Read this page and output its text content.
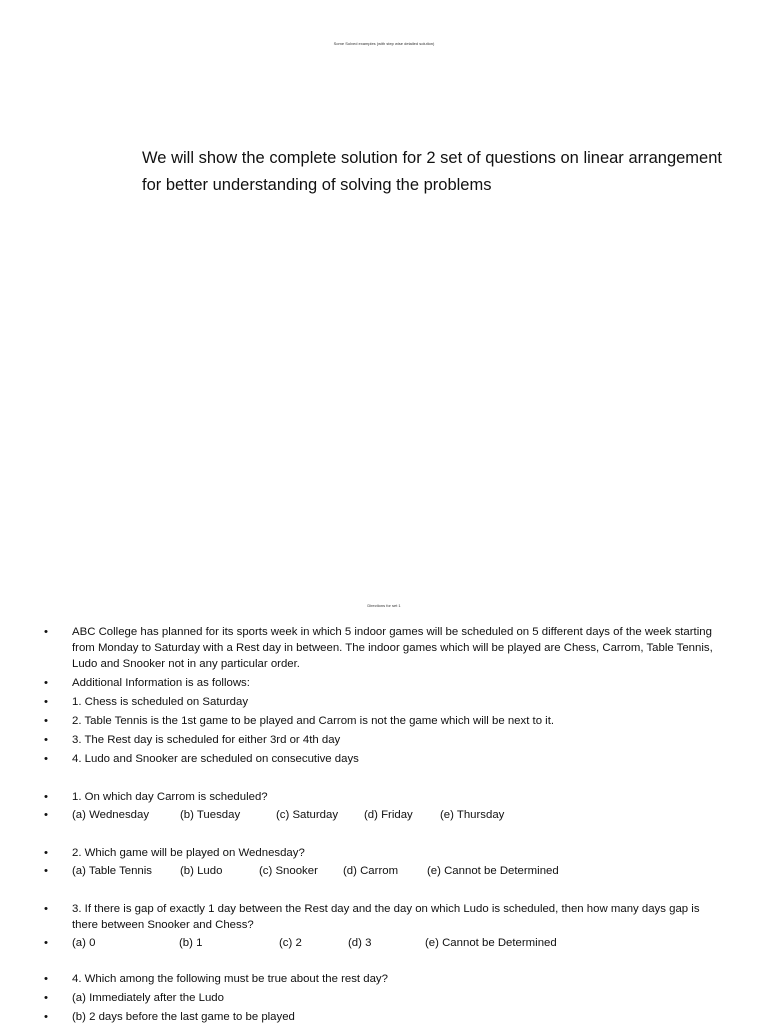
Some Solved examples (with step wise detailed solution)
We will show the complete solution for 2 set of questions on linear arrangement for better understanding of solving the problems
Directions for set 1
• ABC College has planned for its sports week in which 5 indoor games will be scheduled on 5 different days of the week starting from Monday to Saturday with a Rest day in between. The indoor games which will be played are Chess, Carrom, Table Tennis, Ludo and Snooker not in any particular order.
• Additional Information is as follows:
• 1. Chess is scheduled on Saturday
• 2. Table Tennis is the 1st game to be played and Carrom is not the game which will be next to it.
• 3. The Rest day is scheduled for either 3rd or 4th day
• 4. Ludo and Snooker are scheduled on consecutive days
• 1. On which day Carrom is scheduled?
• (a) Wednesday	(b) Tuesday	(c) Saturday (d) Friday (e) Thursday
• 2. Which game will be played on Wednesday?
• (a) Table Tennis (b) Ludo	(c) Snooker (d) Carrom	(e) Cannot be Determined
• 3. If there is gap of exactly 1 day between the Rest day and the day on which Ludo is scheduled, then how many days gap is there between Snooker and Chess?
• (a) 0	(b) 1	(c) 2	(d) 3	(e) Cannot be Determined
• 4. Which among the following must be true about the rest day?
• (a) Immediately after the Ludo
• (b) 2 days before the last game to be played
